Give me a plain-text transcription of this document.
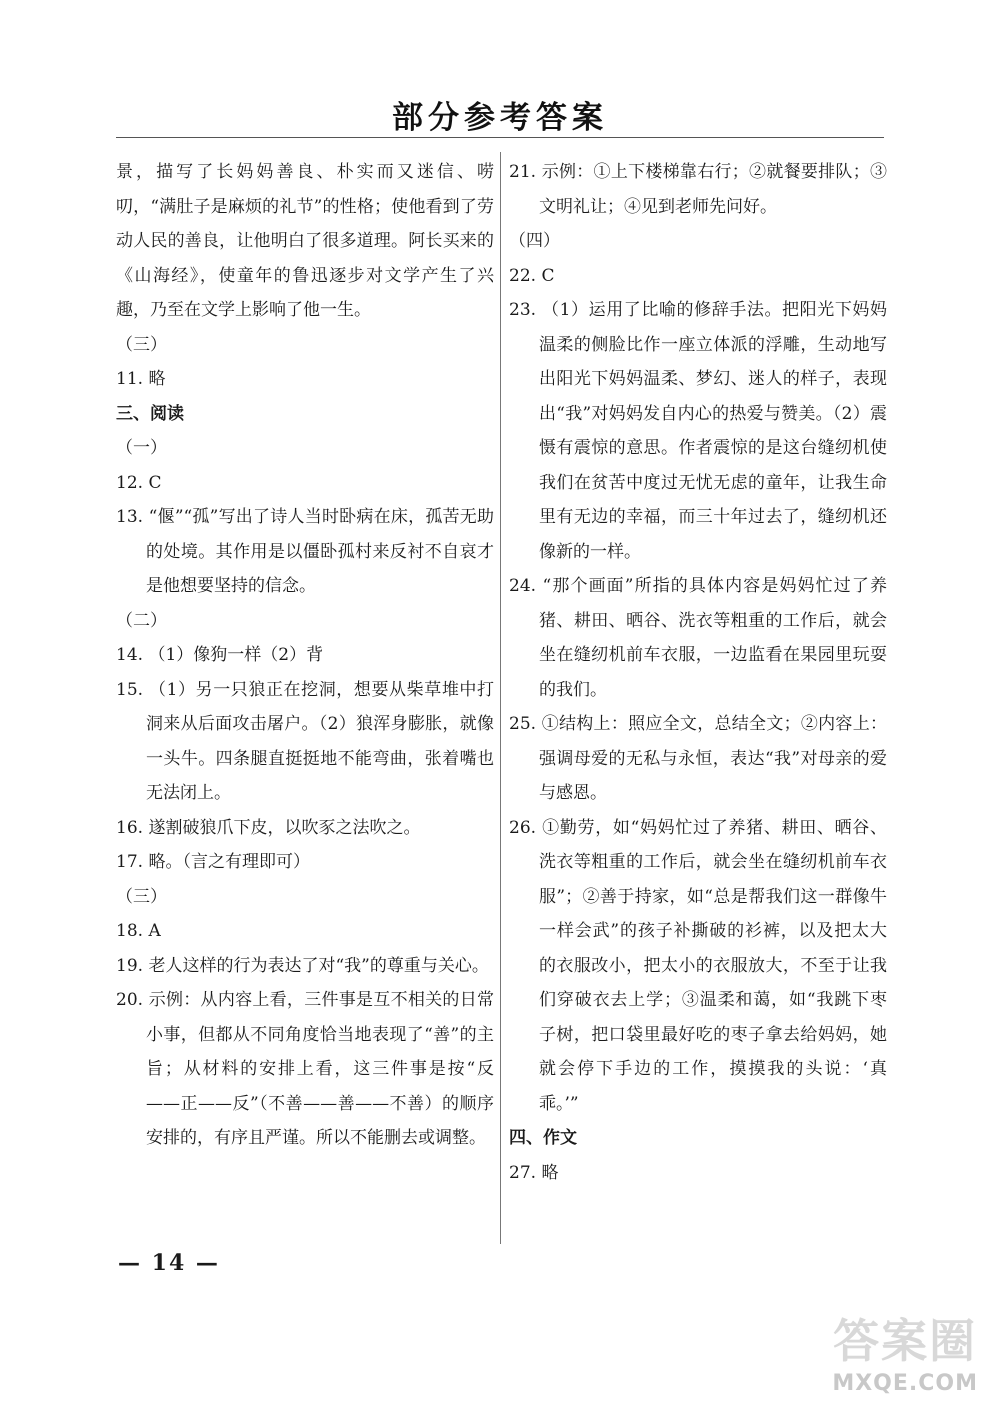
部分参考答案

景，描写了长妈妈善良、朴实而又迷信、唠叨，“满肚子是麻烦的礼节”的性格；使他看到了劳动人民的善良，让他明白了很多道理。阿长买来的《山海经》，使童年的鲁迅逐步对文学产生了兴趣，乃至在文学上影响了他一生。

（三）

11. 略

三、阅读

（一）

12. C

13. “偃”“孤”写出了诗人当时卧病在床，孤苦无助的处境。其作用是以僵卧孤村来反衬不自哀才是他想要坚持的信念。

（二）

14. （1）像狗一样（2）背

15. （1）另一只狼正在挖洞，想要从柴草堆中打洞来从后面攻击屠户。（2）狼浑身膨胀，就像一头牛。四条腿直挺挺地不能弯曲，张着嘴也无法闭上。

16. 遂割破狼爪下皮，以吹豕之法吹之。

17. 略。（言之有理即可）

（三）

18. A

19. 老人这样的行为表达了对“我”的尊重与关心。

20. 示例：从内容上看，三件事是互不相关的日常小事，但都从不同角度恰当地表现了“善”的主旨；从材料的安排上看，这三件事是按“反——正——反”（不善——善——不善）的顺序安排的，有序且严谨。所以不能删去或调整。

21. 示例：①上下楼梯靠右行；②就餐要排队；③文明礼让；④见到老师先问好。

（四）

22. C

23. （1）运用了比喻的修辞手法。把阳光下妈妈温柔的侧脸比作一座立体派的浮雕，生动地写出阳光下妈妈温柔、梦幻、迷人的样子，表现出“我”对妈妈发自内心的热爱与赞美。（2）震慑有震惊的意思。作者震惊的是这台缝纫机使我们在贫苦中度过无忧无虑的童年，让我生命里有无边的幸福，而三十年过去了，缝纫机还像新的一样。

24. “那个画面”所指的具体内容是妈妈忙过了养猪、耕田、晒谷、洗衣等粗重的工作后，就会坐在缝纫机前车衣服，一边监看在果园里玩耍的我们。

25. ①结构上：照应全文，总结全文；②内容上：强调母爱的无私与永恒，表达“我”对母亲的爱与感恩。

26. ①勤劳，如“妈妈忙过了养猪、耕田、晒谷、洗衣等粗重的工作后，就会坐在缝纫机前车衣服”；②善于持家，如“总是帮我们这一群像牛一样会武”的孩子补撕破的衫裤，以及把太大的衣服改小，把太小的衣服放大，不至于让我们穿破衣去上学；③温柔和蔼，如“我跳下枣子树，把口袋里最好吃的枣子拿去给妈妈，她就会停下手边的工作，摸摸我的头说：‘真乖。’”

四、作文

27. 略

— 14 —
答案圈
MXQE.COM
